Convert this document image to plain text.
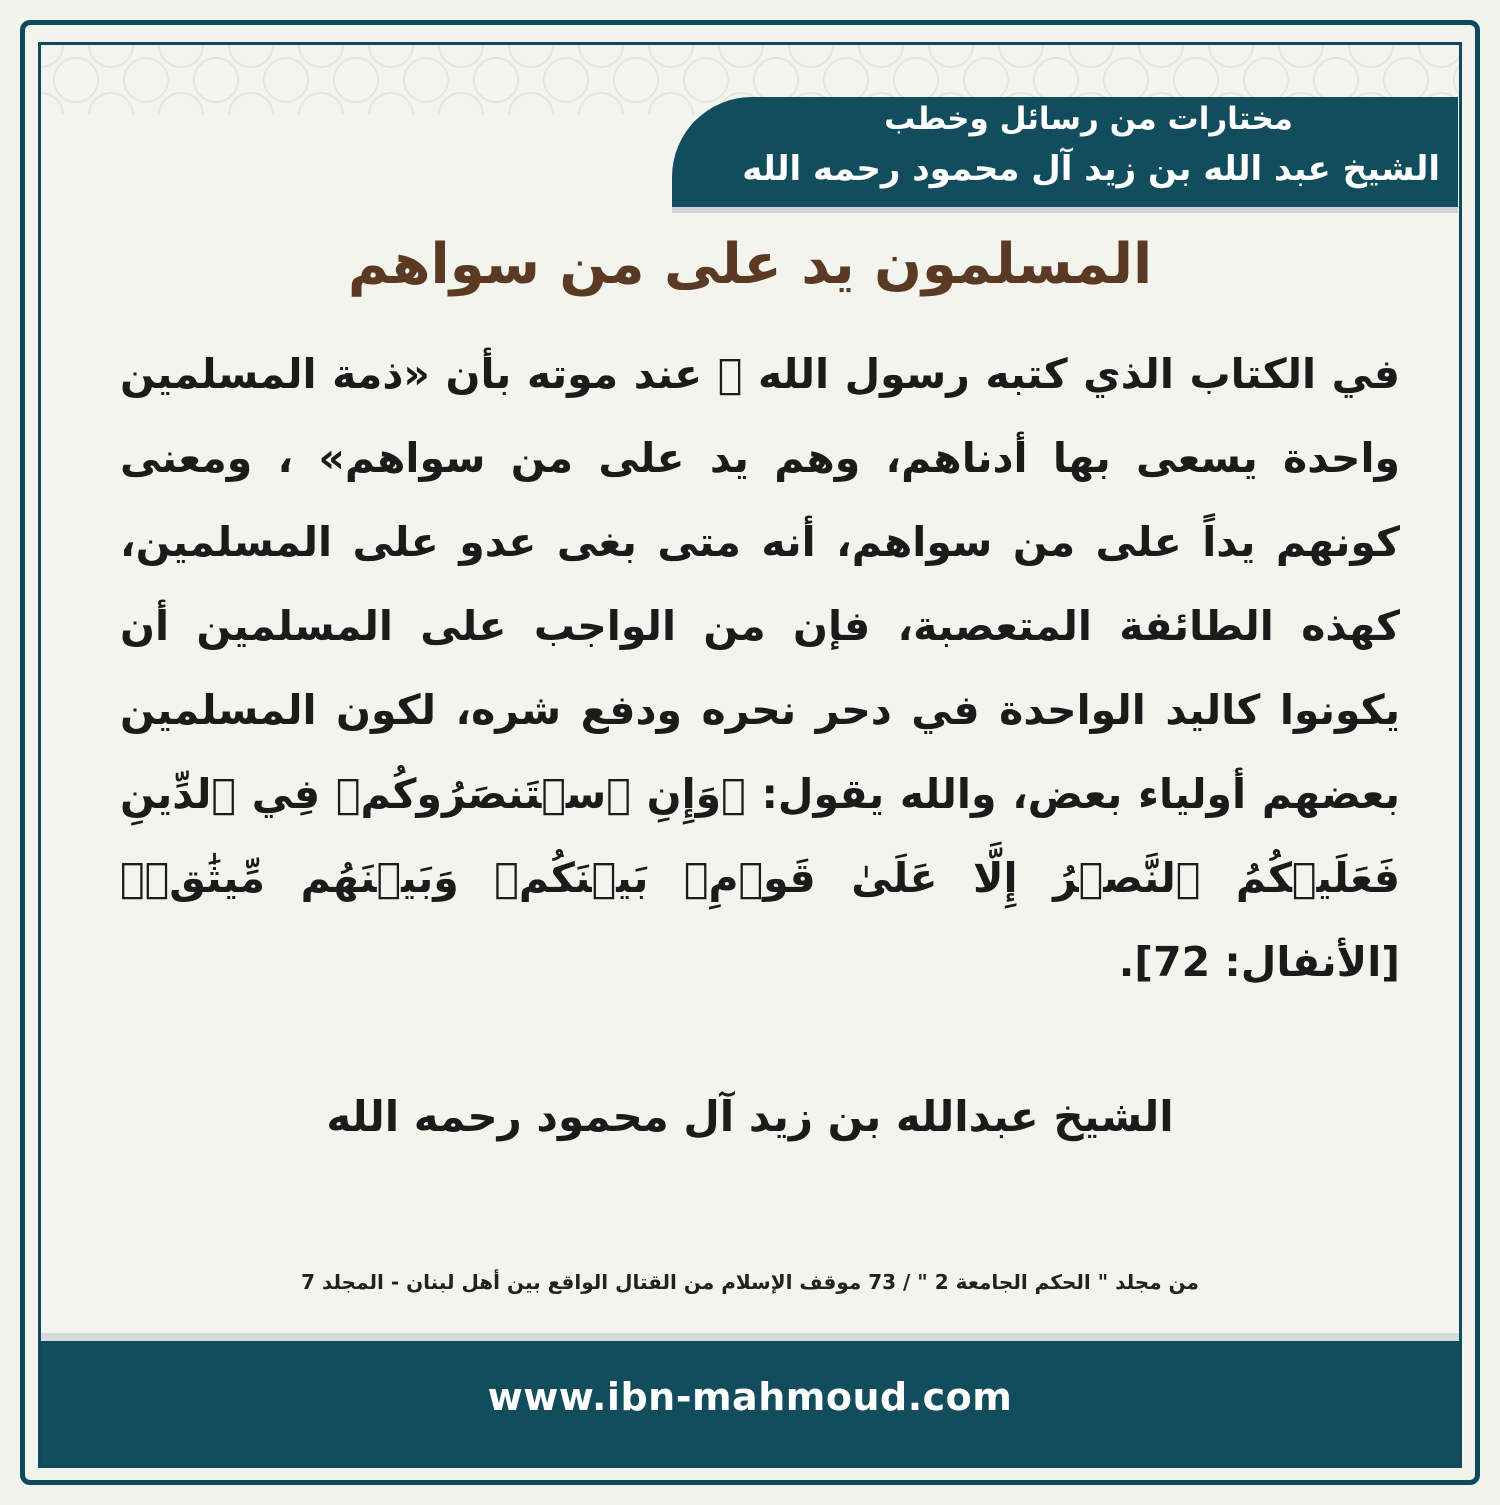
مختارات من رسائل وخطب
الشيخ عبد الله بن زيد آل محمود رحمه الله
المسلمون يد على من سواهم
في الكتاب الذي كتبه رسول الله ﷺ عند موته بأن «ذمة المسلمين واحدة يسعى بها أدناهم، وهم يد على من سواهم» ، ومعنى كونهم يداً على من سواهم، أنه متى بغى عدو على المسلمين، كهذه الطائفة المتعصبة، فإن من الواجب على المسلمين أن يكونوا كاليد الواحدة في دحر نحره ودفع شره، لكون المسلمين بعضهم أولياء بعض، والله يقول: ﴿وَإِنِ ٱسۡتَنصَرُوكُمۡ فِي ٱلدِّينِ فَعَلَيۡكُمُ ٱلنَّصۡرُ إِلَّا عَلَىٰ قَوۡمِۭ بَيۡنَكُمۡ وَبَيۡنَهُم مِّيثَٰقٞ﴾ [الأنفال: 72].
الشيخ عبدالله بن زيد آل محمود رحمه الله
من مجلد " الحكم الجامعة 2 " / 73 موقف الإسلام من القتال الواقع بين أهل لبنان - المجلد 7
www.ibn-mahmoud.com
